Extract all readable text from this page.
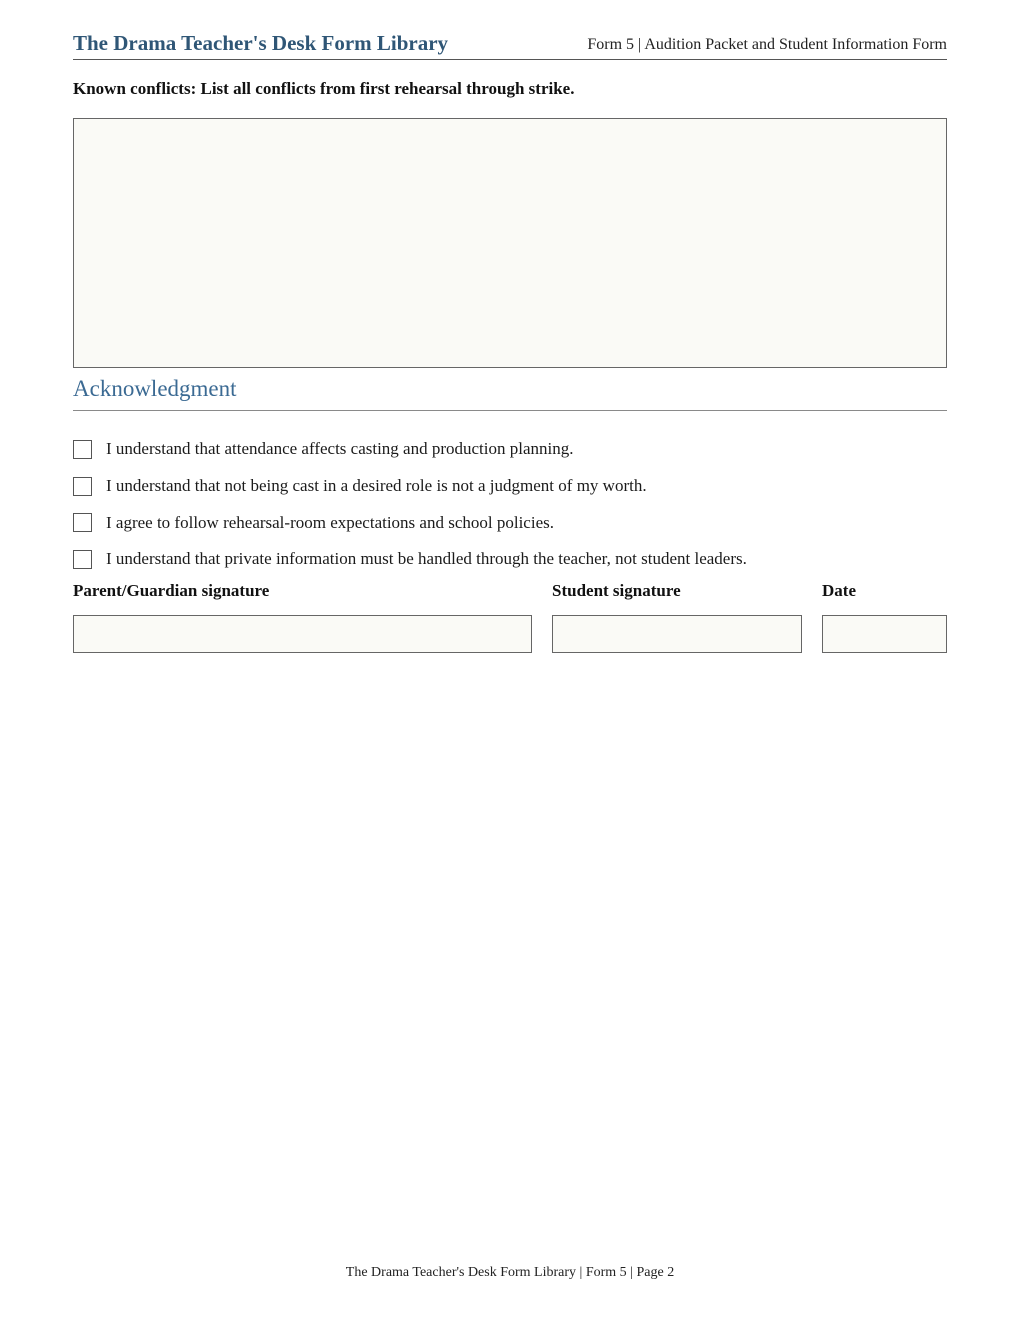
The Drama Teacher's Desk Form Library	Form 5 | Audition Packet and Student Information Form
Known conflicts: List all conflicts from first rehearsal through strike.
Acknowledgment
I understand that attendance affects casting and production planning.
I understand that not being cast in a desired role is not a judgment of my worth.
I agree to follow rehearsal-room expectations and school policies.
I understand that private information must be handled through the teacher, not student leaders.
Parent/Guardian signature	Student signature	Date
The Drama Teacher's Desk Form Library | Form 5 | Page 2
